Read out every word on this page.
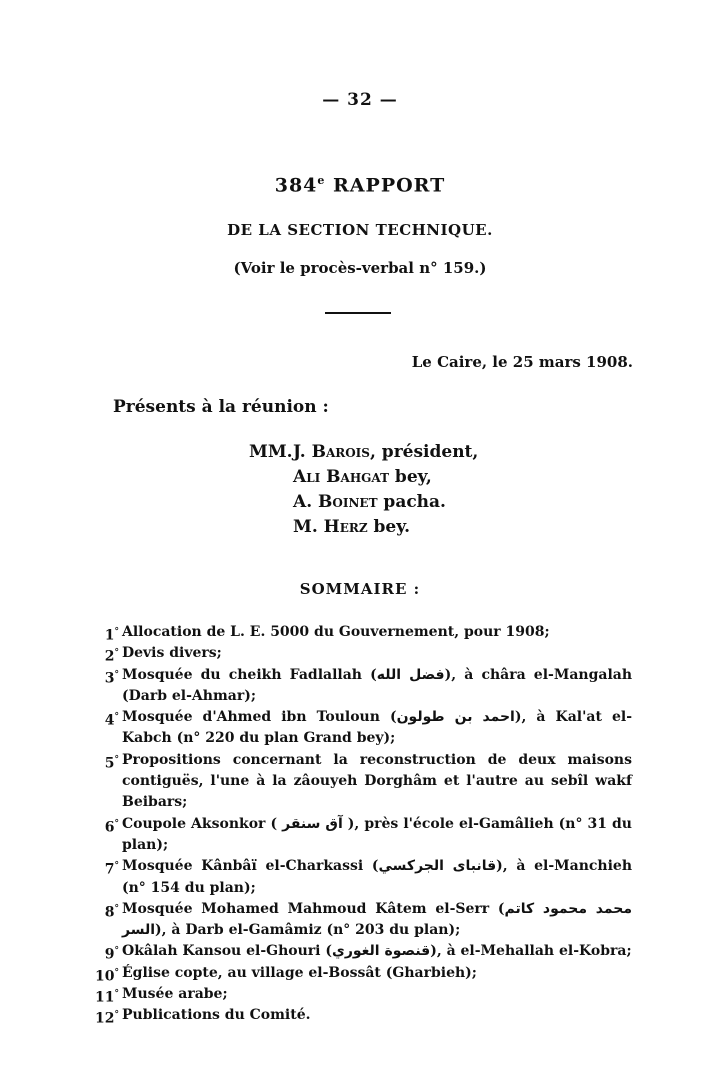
— 32 —
384e RAPPORT
DE LA SECTION TECHNIQUE.
(Voir le procès-verbal n° 159.)
Le Caire, le 25 mars 1908.
Présents à la réunion :
MM.J. Barois, président,
Ali Bahgat bey,
A. Boinet pacha.
M. Herz bey.
SOMMAIRE :
1° Allocation de L. E. 5000 du Gouvernement, pour 1908;
2° Devis divers;
3° Mosquée du cheikh Fadlallah (فضل الله), à châra el-Mangalah (Darb el-Ahmar);
4° Mosquée d'Ahmed ibn Touloun (احمد بن طولون), à Kal'at el-Kabch (n° 220 du plan Grand bey);
5° Propositions concernant la reconstruction de deux maisons contiguës, l'une à la zâouyeh Dorghâm et l'autre au sebîl wakf Beibars;
6° Coupole Aksonkor ( آق سنقر ), près l'école el-Gamâlieh (n° 31 du plan);
7° Mosquée Kânbâï el-Charkassi (قانباى الجركسي), à el-Manchieh (n° 154 du plan);
8° Mosquée Mohamed Mahmoud Kâtem el-Serr (محمد محمود كاتم السر), à Darb el-Gamâmiz (n° 203 du plan);
9° Okâlah Kansou el-Ghouri (قنصوة الغوري), à el-Mehallah el-Kobra;
10° Église copte, au village el-Bossât (Gharbieh);
11° Musée arabe;
12° Publications du Comité.
